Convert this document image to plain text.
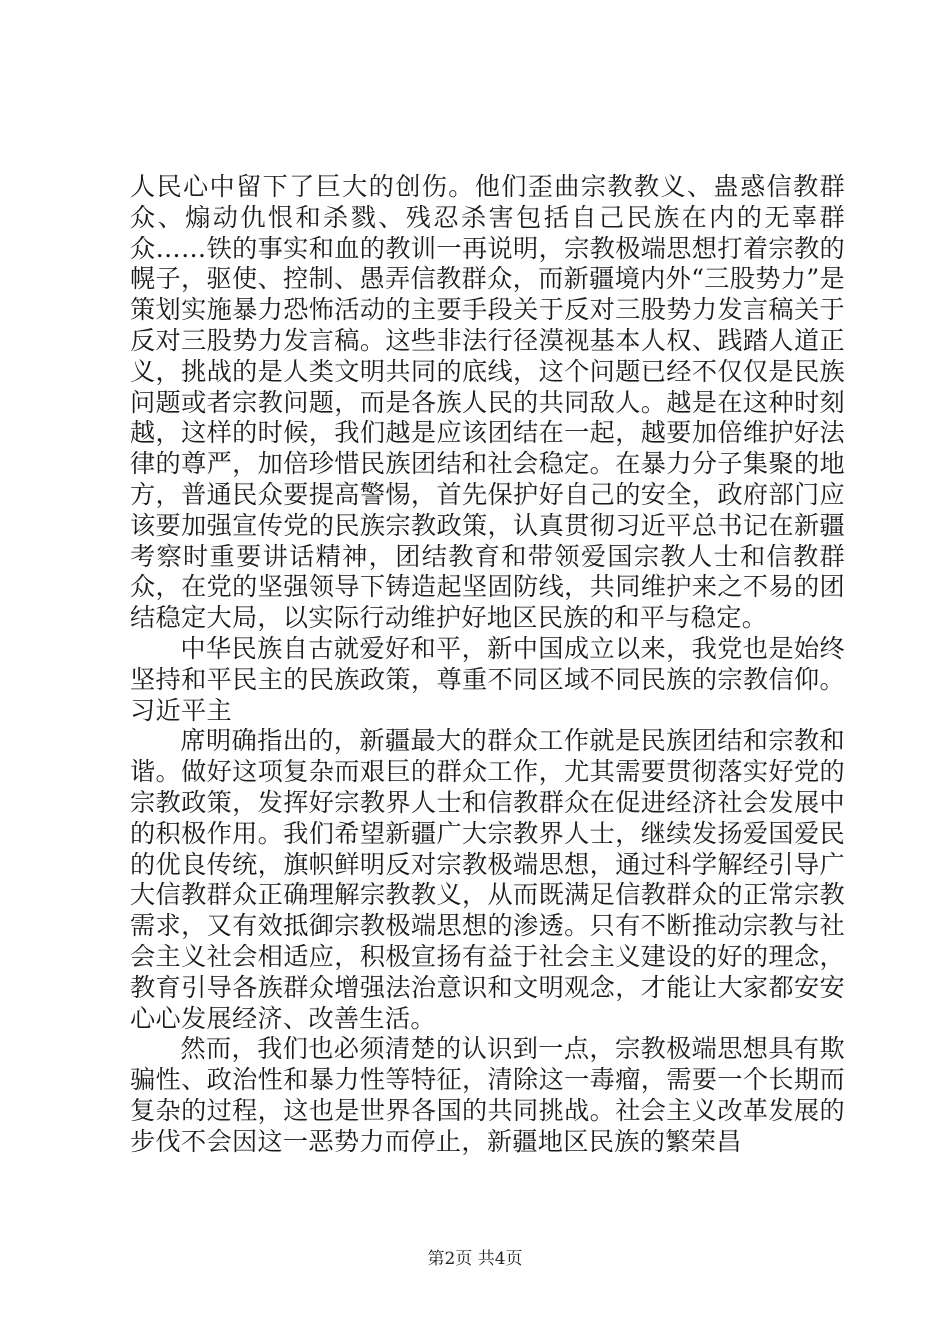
人民心中留下了巨大的创伤。他们歪曲宗教教义、蛊惑信教群众、煽动仇恨和杀戮、残忍杀害包括自己民族在内的无辜群众……铁的事实和血的教训一再说明，宗教极端思想打着宗教的幌子，驱使、控制、愚弄信教群众，而新疆境内外“三股势力”是策划实施暴力恐怖活动的主要手段关于反对三股势力发言稿关于反对三股势力发言稿。这些非法行径漠视基本人权、践踏人道正义，挑战的是人类文明共同的底线，这个问题已经不仅仅是民族问题或者宗教问题，而是各族人民的共同敌人。越是在这种时刻越，这样的时候，我们越是应该团结在一起，越要加倍维护好法律的尊严，加倍珍惜民族团结和社会稳定。在暴力分子集聚的地方，普通民众要提高警惕，首先保护好自己的安全，政府部门应该要加强宣传党的民族宗教政策，认真贯彻习近平总书记在新疆考察时重要讲话精神，团结教育和带领爱国宗教人士和信教群众，在党的坚强领导下铸造起坚固防线，共同维护来之不易的团结稳定大局，以实际行动维护好地区民族的和平与稳定。

中华民族自古就爱好和平，新中国成立以来，我党也是始终坚持和平民主的民族政策，尊重不同区域不同民族的宗教信仰。习近平主

席明确指出的，新疆最大的群众工作就是民族团结和宗教和谐。做好这项复杂而艰巨的群众工作，尤其需要贯彻落实好党的宗教政策，发挥好宗教界人士和信教群众在促进经济社会发展中的积极作用。我们希望新疆广大宗教界人士，继续发扬爱国爱民的优良传统，旗帜鲜明反对宗教极端思想，通过科学解经引导广大信教群众正确理解宗教教义，从而既满足信教群众的正常宗教需求，又有效抵御宗教极端思想的渗透。只有不断推动宗教与社会主义社会相适应，积极宣扬有益于社会主义建设的好的理念，教育引导各族群众增强法治意识和文明观念，才能让大家都安安心心发展经济、改善生活。

然而，我们也必须清楚的认识到一点，宗教极端思想具有欺骗性、政治性和暴力性等特征，清除这一毒瘤，需要一个长期而复杂的过程，这也是世界各国的共同挑战。社会主义改革发展的步伐不会因这一恶势力而停止，新疆地区民族的繁荣昌

第2页 共4页
